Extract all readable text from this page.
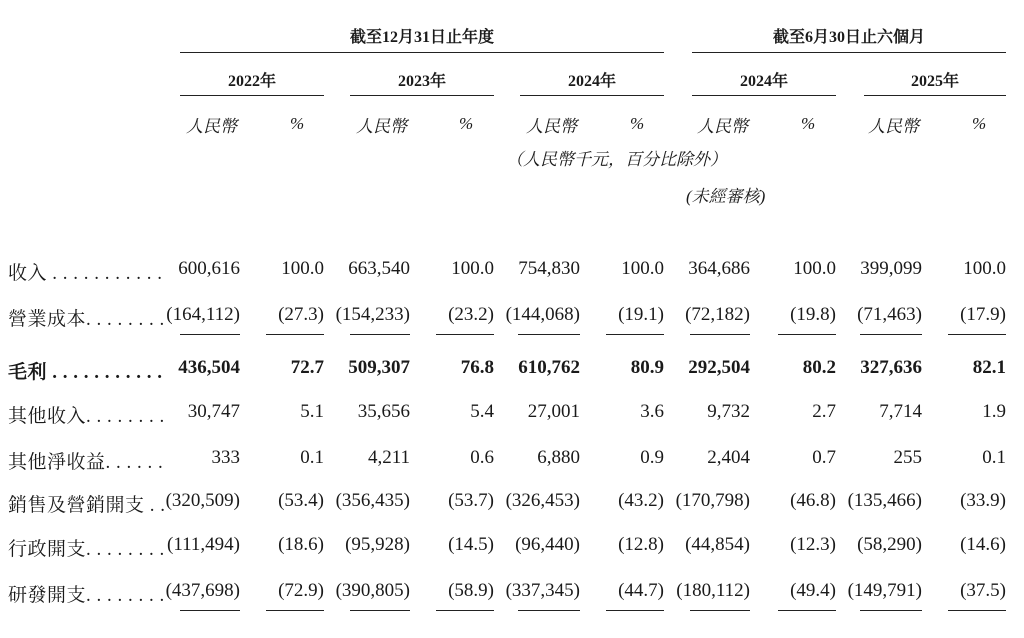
截至12月31日止年度	截至6月30日止六個月
2022年	2023年	2024年	2024年	2025年
人民幣	%	人民幣	%	人民幣	%	人民幣	%	人民幣	%
（人民幣千元，百分比除外）
(未經審核)
收入 . . . . . . . . . . . 600,616	100.0	663,540	100.0	754,830	100.0	364,686	100.0	399,099	100.0
營業成本. . . . . . . . (164,112)	(27.3) (154,233)	(23.2) (144,068)	(19.1)	(72,182)	(19.8)	(71,463)	(17.9)
毛利 . . . . . . . . . . . 436,504	72.7	509,307	76.8	610,762	80.9	292,504	80.2	327,636	82.1
其他收入. . . . . . . .	30,747	5.1	35,656	5.4	27,001	3.6	9,732	2.7	7,714	1.9
其他淨收益. . . . . .	333	0.1	4,211	0.6	6,880	0.9	2,404	0.7	255	0.1
銷售及營銷開支 . . (320,509)	(53.4) (356,435)	(53.7) (326,453)	(43.2) (170,798)	(46.8) (135,466)	(33.9)
行政開支. . . . . . . . (111,494)	(18.6)	(95,928)	(14.5)	(96,440)	(12.8)	(44,854)	(12.3)	(58,290)	(14.6)
研發開支. . . . . . . . (437,698)	(72.9) (390,805)	(58.9) (337,345)	(44.7) (180,112)	(49.4) (149,791)	(37.5)
